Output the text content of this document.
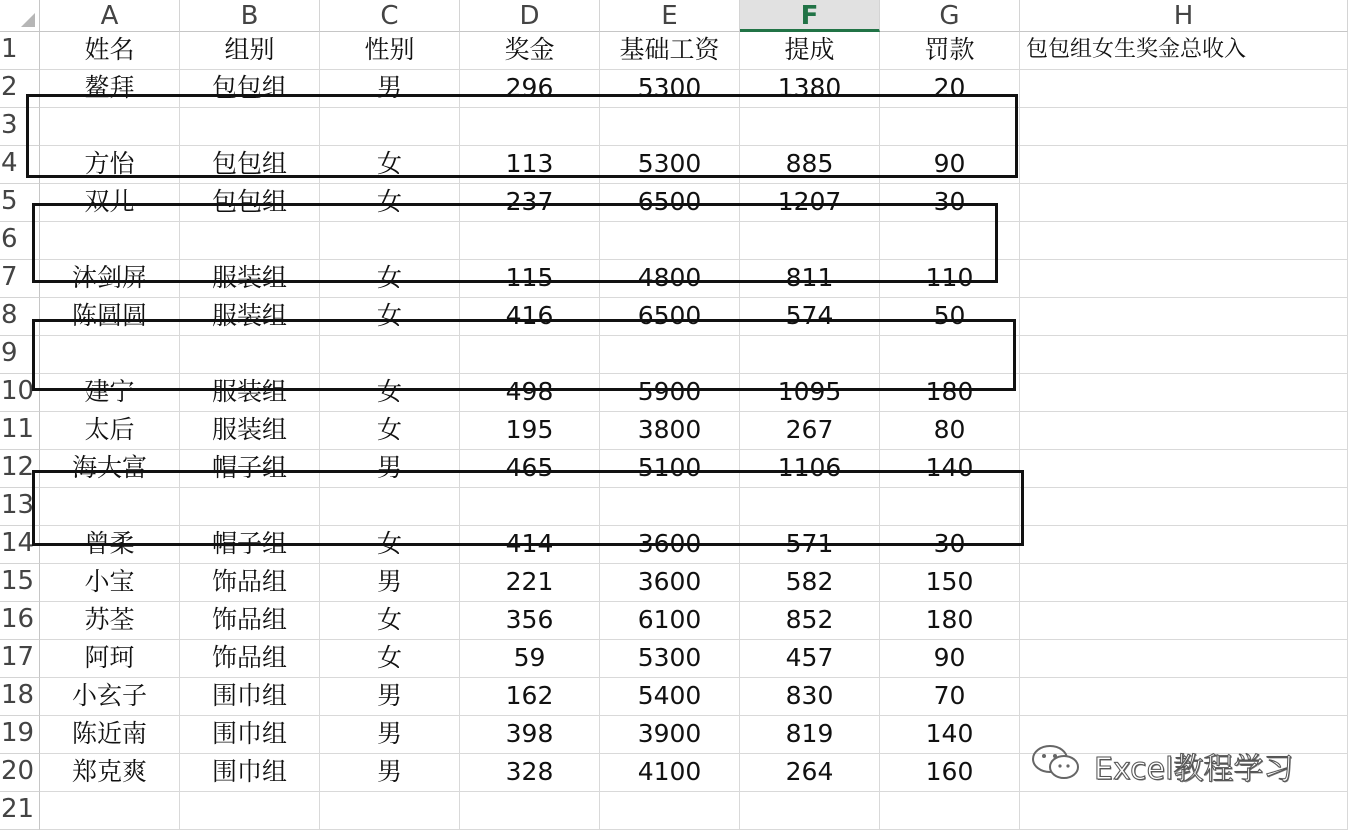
A	B	C	D	E	F	G	H
1	姓名	组别	性别	奖金	基础工资	提成	罚款	包包组女生奖金总收入
2	鳌拜	包包组	男	296	5300	1380	20
3
4	方怡	包包组	女	113	5300	885	90
5	双儿	包包组	女	237	6500	1207	30
6
7	沐剑屏	服装组	女	115	4800	811	110
8	陈圆圆	服装组	女	416	6500	574	50
9
10	建宁	服装组	女	498	5900	1095	180
11	太后	服装组	女	195	3800	267	80
12	海大富	帽子组	男	465	5100	1106	140
13
14	曾柔	帽子组	女	414	3600	571	30
15	小宝	饰品组	男	221	3600	582	150
16	苏荃	饰品组	女	356	6100	852	180
17	阿珂	饰品组	女	59	5300	457	90
18	小玄子	围巾组	男	162	5400	830	70
19	陈近南	围巾组	男	398	3900	819	140
20	郑克爽	围巾组	男	328	4100	264	160
21
Excel教程学习
